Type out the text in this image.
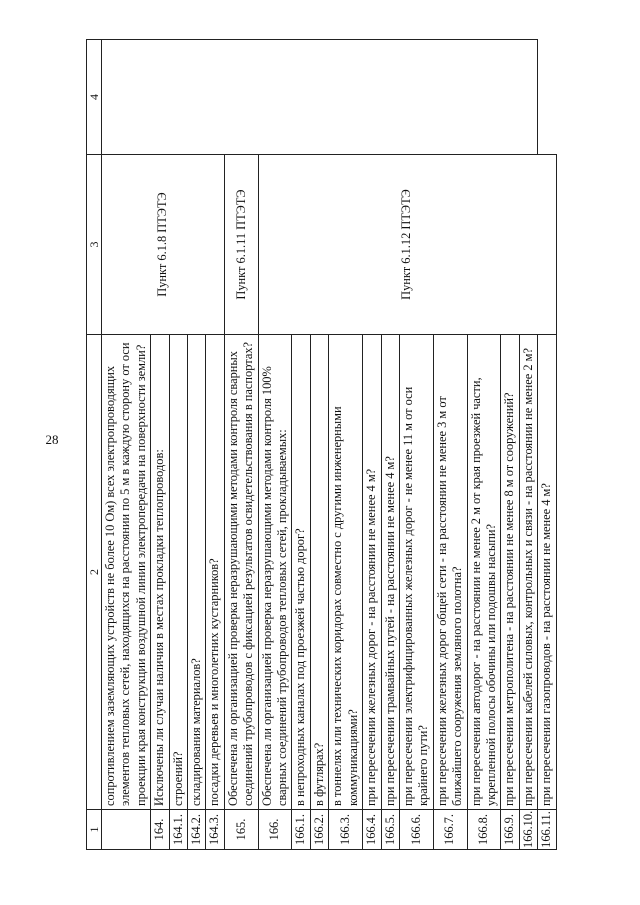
28
1	2	3	4
	сопротивлением заземляющих устройств не более 10 Ом) всех электропроводящих элементов тепловых сетей, находящихся на расстоянии по 5 м в каждую сторону от оси проекции края конструкции воздушной линии электропередачи на поверхности земли?	Пункт 6.1.8 ПТЭТЭ	
164.	Исключены ли случаи наличия в местах прокладки теплопроводов:		
164.1.	строений?		
164.2.	складирования материалов?		
164.3.	посадки деревьев и многолетних кустарников?		
165.	Обеспечена ли организацией проверка неразрушающими методами контроля сварных соединений трубопроводов с фиксацией результатов освидетельствования в паспортах?	Пункт 6.1.11 ПТЭТЭ	
166.	Обеспечена ли организацией проверка неразрушающими методами контроля 100% сварных соединений трубопроводов тепловых сетей, прокладываемых:	Пункт 6.1.12 ПТЭТЭ	
166.1.	в непроходных каналах под проезжей частью дорог?		
166.2.	в футлярах?		
166.3.	в тоннелях или технических коридорах совместно с другими инженерными коммуникациями?		
166.4.	при пересечении железных дорог - на расстоянии не менее 4 м?		
166.5.	при пересечении трамвайных путей - на расстоянии не менее 4 м?		
166.6.	при пересечении электрифицированных железных дорог - не менее 11 м от оси крайнего пути?		
166.7.	при пересечении железных дорог общей сети - на расстоянии не менее 3 м от ближайшего сооружения земляного полотна?		
166.8.	при пересечении автодорог - на расстоянии не менее 2 м от края проезжей части, укрепленной полосы обочины или подошвы насыпи?		
166.9.	при пересечении метрополитена - на расстоянии не менее 8 м от сооружений?		
166.10.	при пересечении кабелей силовых, контрольных и связи - на расстоянии не менее 2 м?		
166.11.	при пересечении газопроводов - на расстоянии не менее 4 м?		
